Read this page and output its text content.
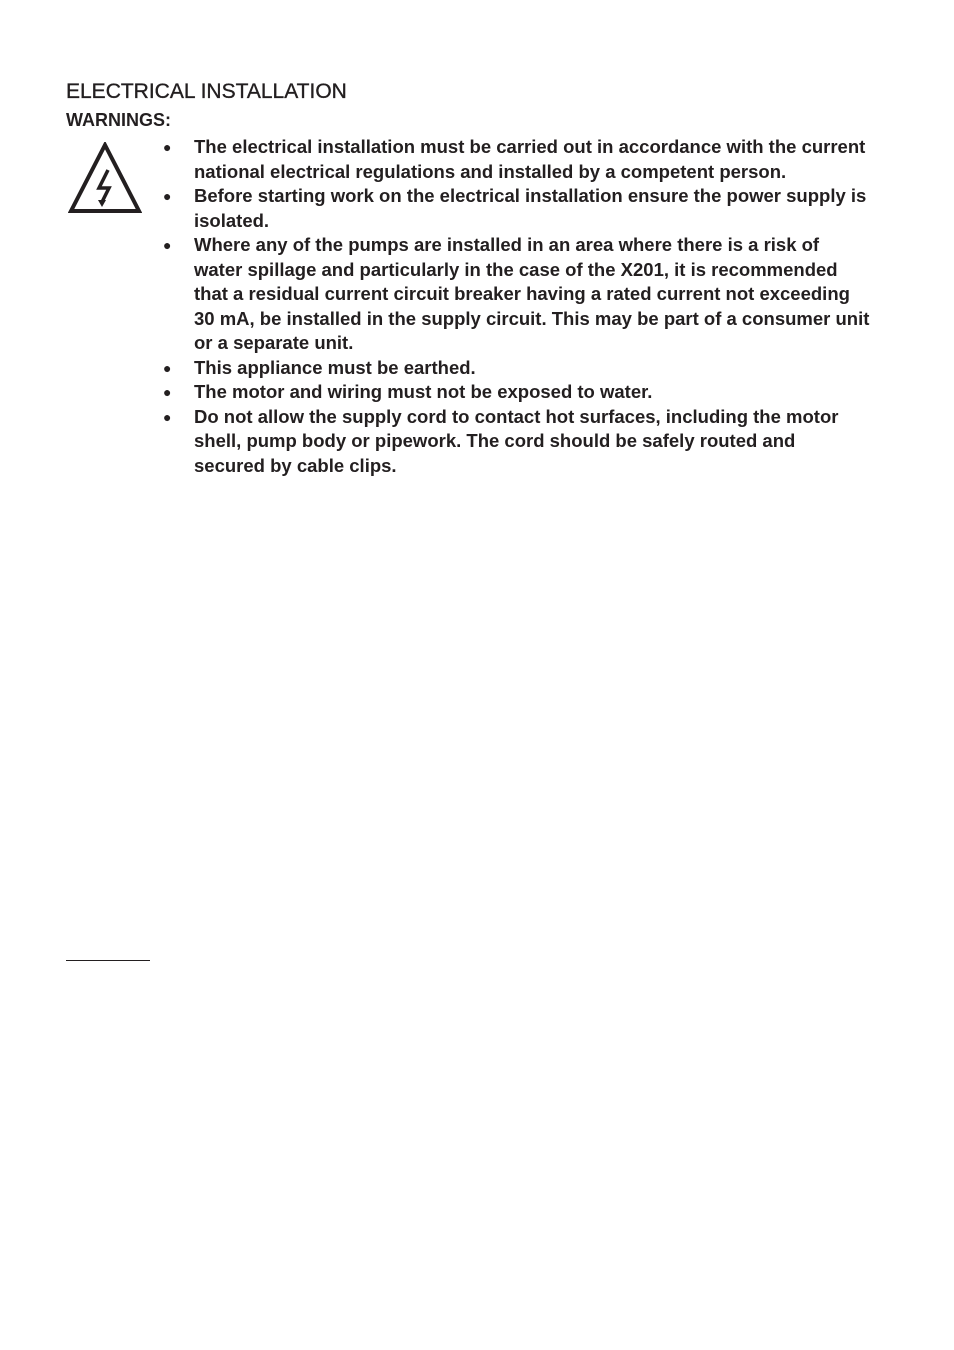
ELECTRICAL INSTALLATION
WARNINGS:
● The electrical installation must be carried out in accordance with the current national electrical regulations and installed by a competent person.
● Before starting work on the electrical installation ensure the power supply is isolated.
● Where any of the pumps are installed in an area where there is a risk of water spillage and particularly in the case of the X201, it is recommended that a residual current circuit breaker having a rated current not exceeding 30 mA, be installed in the supply circuit. This may be part of a consumer unit or a separate unit.
● This appliance must be earthed.
● The motor and wiring must not be exposed to water.
● Do not allow the supply cord to contact hot surfaces, including the motor shell, pump body or pipework. The cord should be safely routed and secured by cable clips.
